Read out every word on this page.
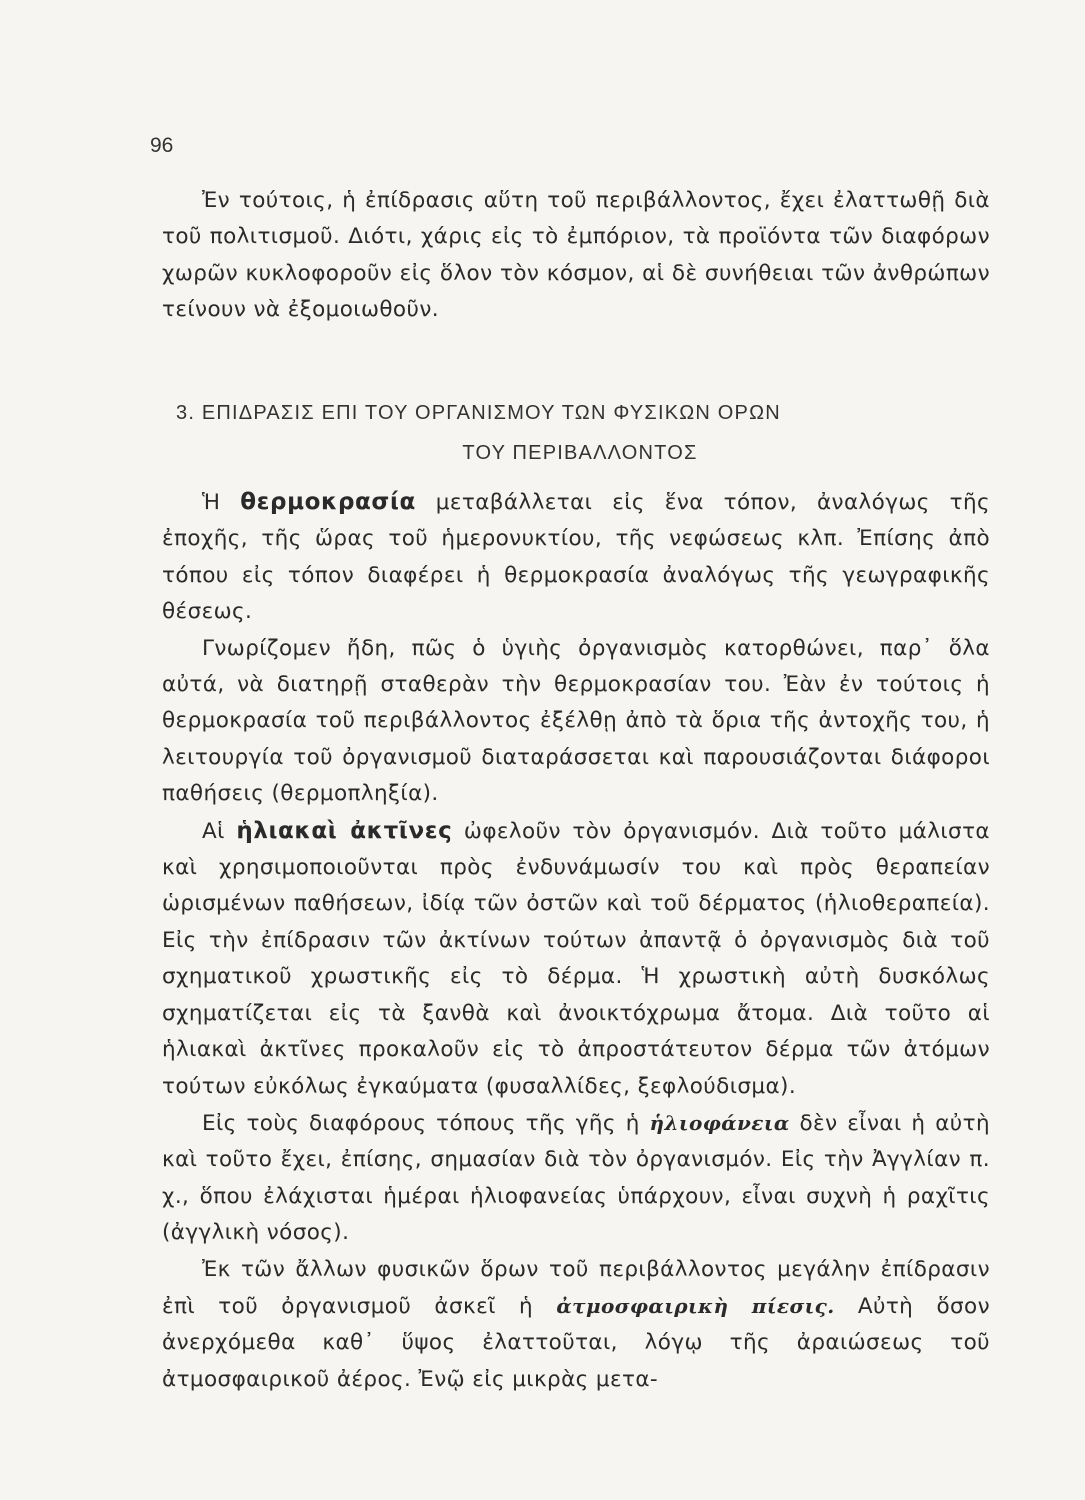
96

Ἐν τούτοις, ἡ ἐπίδρασις αὕτη τοῦ περιβάλλοντος, ἔχει ἐλαττωθῇ διὰ τοῦ πολιτισμοῦ. Διότι, χάρις εἰς τὸ ἐμπόριον, τὰ προϊόντα τῶν διαφόρων χωρῶν κυκλοφοροῦν εἰς ὅλον τὸν κόσμον, αἱ δὲ συνήθειαι τῶν ἀνθρώπων τείνουν νὰ ἐξομοιωθοῦν.

3. ΕΠΙΔΡΑΣΙΣ ΕΠΙ ΤΟΥ ΟΡΓΑΝΙΣΜΟΥ ΤΩΝ ΦΥΣΙΚΩΝ ΟΡΩΝ
ΤΟΥ ΠΕΡΙΒΑΛΛΟΝΤΟΣ

Ἡ θερμοκρασία μεταβάλλεται εἰς ἕνα τόπον, ἀναλόγως τῆς ἐποχῆς, τῆς ὥρας τοῦ ἡμερονυκτίου, τῆς νεφώσεως κλπ. Ἐπίσης ἀπὸ τόπου εἰς τόπον διαφέρει ἡ θερμοκρασία ἀναλόγως τῆς γεωγραφικῆς θέσεως.

Γνωρίζομεν ἤδη, πῶς ὁ ὑγιὴς ὀργανισμὸς κατορθώνει, παρ᾽ ὅλα αὐτά, νὰ διατηρῇ σταθερὰν τὴν θερμοκρασίαν του. Ἐὰν ἐν τούτοις ἡ θερμοκρασία τοῦ περιβάλλοντος ἐξέλθῃ ἀπὸ τὰ ὅρια τῆς ἀντοχῆς του, ἡ λειτουργία τοῦ ὀργανισμοῦ διαταράσσεται καὶ παρουσιάζονται διάφοροι παθήσεις (θερμοπληξία).

Αἱ ἡλιακαὶ ἀκτῖνες ὠφελοῦν τὸν ὀργανισμόν. Διὰ τοῦτο μάλιστα καὶ χρησιμοποιοῦνται πρὸς ἐνδυνάμωσίν του καὶ πρὸς θεραπείαν ὡρισμένων παθήσεων, ἰδίᾳ τῶν ὀστῶν καὶ τοῦ δέρματος (ἡλιοθεραπεία). Εἰς τὴν ἐπίδρασιν τῶν ἀκτίνων τούτων ἀπαντᾷ ὁ ὀργανισμὸς διὰ τοῦ σχηματικοῦ χρωστικῆς εἰς τὸ δέρμα. Ἡ χρωστικὴ αὐτὴ δυσκόλως σχηματίζεται εἰς τὰ ξανθὰ καὶ ἀνοικτόχρωμα ἄτομα. Διὰ τοῦτο αἱ ἡλιακαὶ ἀκτῖνες προκαλοῦν εἰς τὸ ἀπροστάτευτον δέρμα τῶν ἀτόμων τούτων εὐκόλως ἐγκαύματα (φυσαλλίδες, ξεφλούδισμα).

Εἰς τοὺς διαφόρους τόπους τῆς γῆς ἡ ἡλιοφάνεια δὲν εἶναι ἡ αὐτὴ καὶ τοῦτο ἔχει, ἐπίσης, σημασίαν διὰ τὸν ὀργανισμόν. Εἰς τὴν Ἀγγλίαν π. χ., ὅπου ἐλάχισται ἡμέραι ἡλιοφανείας ὑπάρχουν, εἶναι συχνὴ ἡ ραχῖτις (ἀγγλικὴ νόσος).

Ἐκ τῶν ἄλλων φυσικῶν ὅρων τοῦ περιβάλλοντος μεγάλην ἐπίδρασιν ἐπὶ τοῦ ὀργανισμοῦ ἀσκεῖ ἡ ἀτμοσφαιρικὴ πίεσις. Αὐτὴ ὅσον ἀνερχόμεθα καθ᾽ ὕψος ἐλαττοῦται, λόγῳ τῆς ἀραιώσεως τοῦ ἀτμοσφαιρικοῦ ἀέρος. Ἐνῷ εἰς μικρὰς μετα-
